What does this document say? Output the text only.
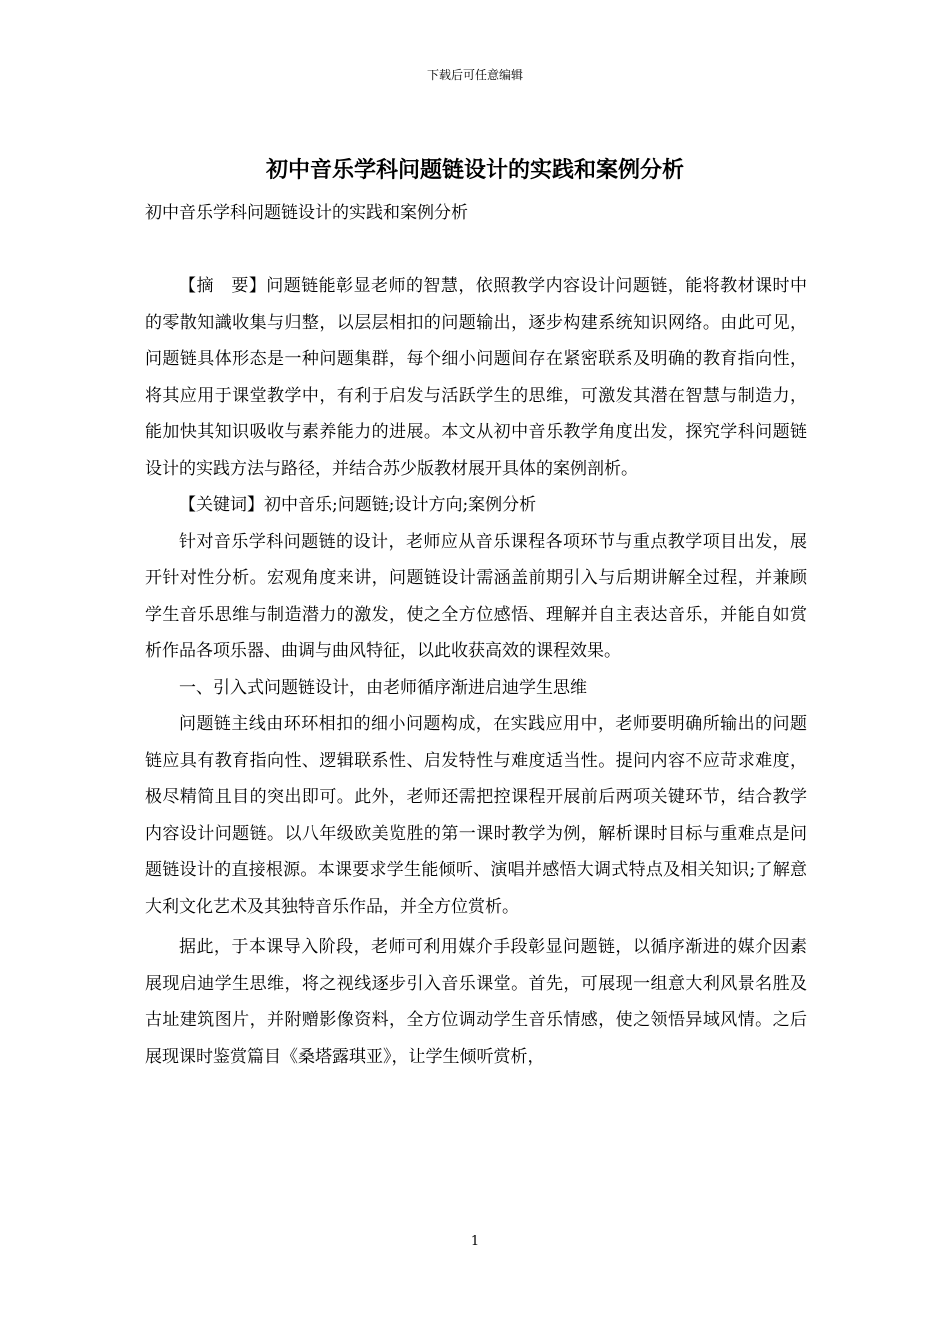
下载后可任意编辑
初中音乐学科问题链设计的实践和案例分析
初中音乐学科问题链设计的实践和案例分析

【摘　要】问题链能彰显老师的智慧，依照教学内容设计问题链，能将教材课时中的零散知識收集与归整，以层层相扣的问题输出，逐步构建系统知识网络。由此可见，问题链具体形态是一种问题集群，每个细小问题间存在紧密联系及明确的教育指向性，将其应用于课堂教学中，有利于启发与活跃学生的思维，可激发其潜在智慧与制造力，能加快其知识吸收与素养能力的进展。本文从初中音乐教学角度出发，探究学科问题链设计的实践方法与路径，并结合苏少版教材展开具体的案例剖析。

【关键词】初中音乐;问题链;设计方向;案例分析

针对音乐学科问题链的设计，老师应从音乐课程各项环节与重点教学项目出发，展开针对性分析。宏观角度来讲，问题链设计需涵盖前期引入与后期讲解全过程，并兼顾学生音乐思维与制造潜力的激发，使之全方位感悟、理解并自主表达音乐，并能自如赏析作品各项乐器、曲调与曲风特征，以此收获高效的课程效果。

一、引入式问题链设计，由老师循序渐进启迪学生思维

问题链主线由环环相扣的细小问题构成，在实践应用中，老师要明确所输出的问题链应具有教育指向性、逻辑联系性、启发特性与难度适当性。提问内容不应苛求难度，极尽精简且目的突出即可。此外，老师还需把控课程开展前后两项关键环节，结合教学内容设计问题链。以八年级欧美览胜的第一课时教学为例，解析课时目标与重难点是问题链设计的直接根源。本课要求学生能倾听、演唱并感悟大调式特点及相关知识;了解意大利文化艺术及其独特音乐作品，并全方位赏析。

据此，于本课导入阶段，老师可利用媒介手段彰显问题链，以循序渐进的媒介因素展现启迪学生思维，将之视线逐步引入音乐课堂。首先，可展现一组意大利风景名胜及古址建筑图片，并附赠影像资料，全方位调动学生音乐情感，使之领悟异域风情。之后展现课时鉴赏篇目《桑塔露琪亚》，让学生倾听赏析，

1
